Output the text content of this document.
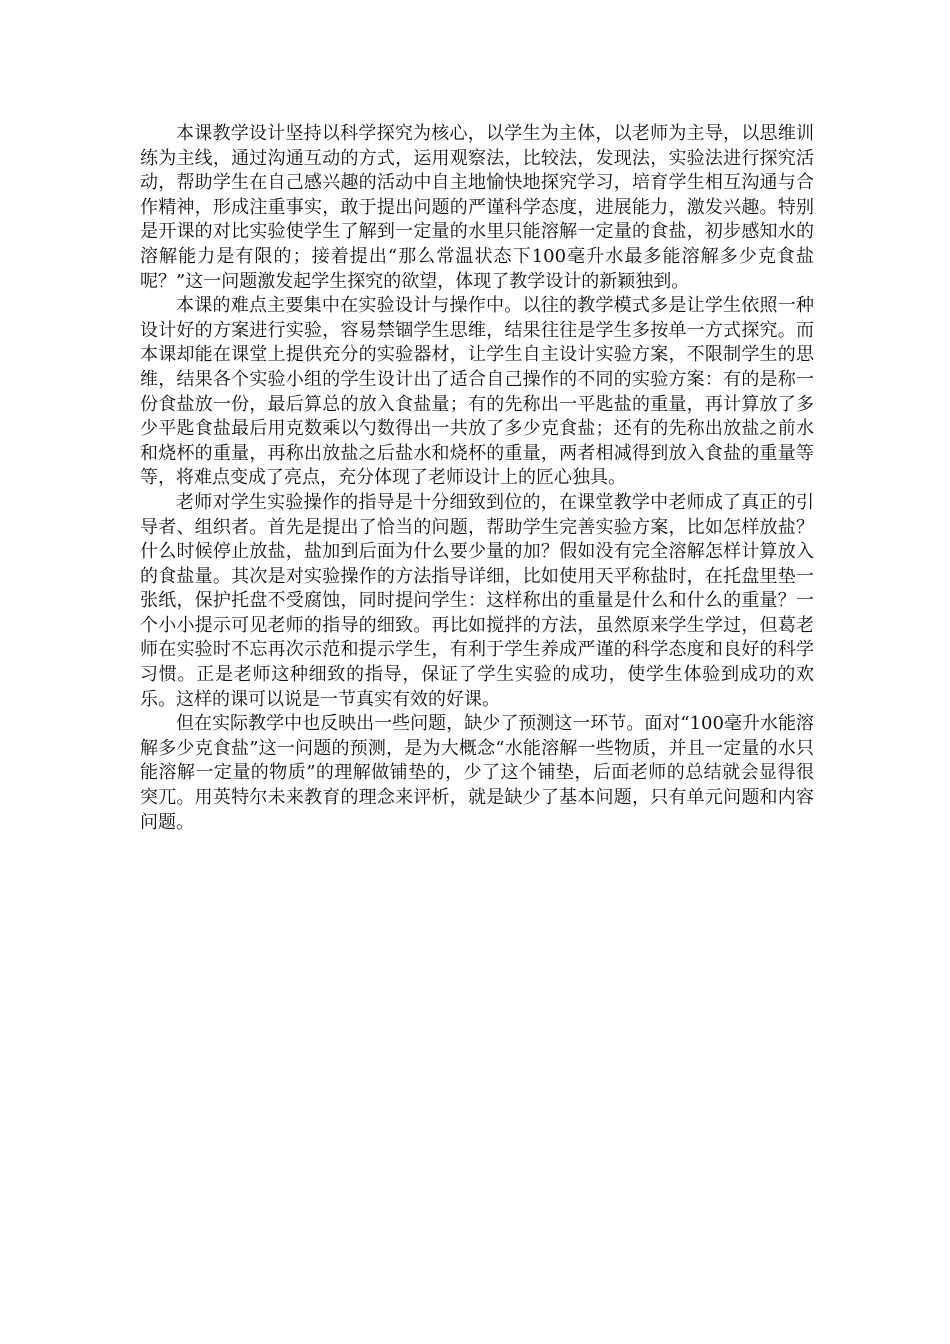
本课教学设计坚持以科学探究为核心，以学生为主体，以老师为主导，以思维训练为主线，通过沟通互动的方式，运用观察法，比较法，发现法，实验法进行探究活动，帮助学生在自己感兴趣的活动中自主地愉快地探究学习，培育学生相互沟通与合作精神，形成注重事实，敢于提出问题的严谨科学态度，进展能力，激发兴趣。特别是开课的对比实验使学生了解到一定量的水里只能溶解一定量的食盐，初步感知水的溶解能力是有限的；接着提出“那么常温状态下100毫升水最多能溶解多少克食盐呢？”这一问题激发起学生探究的欲望，体现了教学设计的新颖独到。

本课的难点主要集中在实验设计与操作中。以往的教学模式多是让学生依照一种设计好的方案进行实验，容易禁锢学生思维，结果往往是学生多按单一方式探究。而本课却能在课堂上提供充分的实验器材，让学生自主设计实验方案，不限制学生的思维，结果各个实验小组的学生设计出了适合自己操作的不同的实验方案：有的是称一份食盐放一份，最后算总的放入食盐量；有的先称出一平匙盐的重量，再计算放了多少平匙食盐最后用克数乘以勺数得出一共放了多少克食盐；还有的先称出放盐之前水和烧杯的重量，再称出放盐之后盐水和烧杯的重量，两者相减得到放入食盐的重量等等，将难点变成了亮点，充分体现了老师设计上的匠心独具。

老师对学生实验操作的指导是十分细致到位的，在课堂教学中老师成了真正的引导者、组织者。首先是提出了恰当的问题，帮助学生完善实验方案，比如怎样放盐？什么时候停止放盐，盐加到后面为什么要少量的加？假如没有完全溶解怎样计算放入的食盐量。其次是对实验操作的方法指导详细，比如使用天平称盐时，在托盘里垫一张纸，保护托盘不受腐蚀，同时提问学生：这样称出的重量是什么和什么的重量？一个小小提示可见老师的指导的细致。再比如搅拌的方法，虽然原来学生学过，但葛老师在实验时不忘再次示范和提示学生，有利于学生养成严谨的科学态度和良好的科学习惯。正是老师这种细致的指导，保证了学生实验的成功，使学生体验到成功的欢乐。这样的课可以说是一节真实有效的好课。

但在实际教学中也反映出一些问题，缺少了预测这一环节。面对“100毫升水能溶解多少克食盐”这一问题的预测，是为大概念“水能溶解一些物质，并且一定量的水只能溶解一定量的物质”的理解做铺垫的，少了这个铺垫，后面老师的总结就会显得很突兀。用英特尔未来教育的理念来评析，就是缺少了基本问题，只有单元问题和内容问题。
